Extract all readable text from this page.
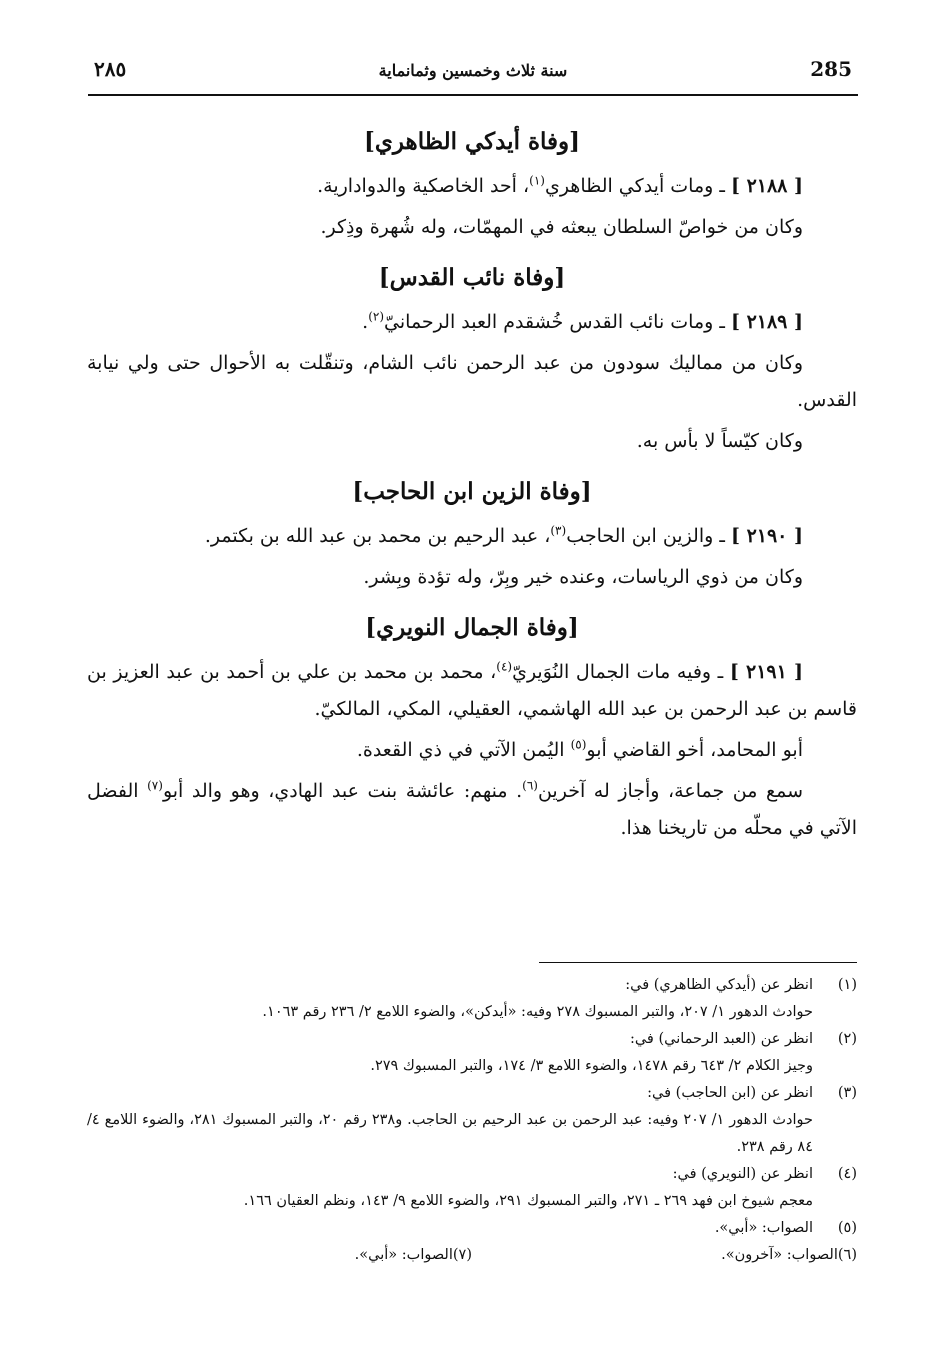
285
سنة ثلاث وخمسين وثمانماية
٢٨٥
[وفاة أيدكي الظاهري]

[ ٢١٨٨ ] ـ ومات أيدكي الظاهري$^{(١)}$، أحد الخاصكية والدوادارية.

وكان من خواصّ السلطان يبعثه في المهمّات، وله شُهرة وذِكر.

[وفاة نائب القدس]

[ ٢١٨٩ ] ـ ومات نائب القدس خُشقدم العبد الرحمانيّ$^{(٢)}$.

وكان من مماليك سودون من عبد الرحمن نائب الشام، وتنقّلت به الأحوال حتى ولي نيابة القدس.

وكان كيّساً لا بأس به.

[وفاة الزين ابن الحاجب]

[ ٢١٩٠ ] ـ والزين ابن الحاجب$^{(٣)}$، عبد الرحيم بن محمد بن عبد الله بن بكتمر.

وكان من ذوي الرياسات، وعنده خير وبِرّ، وله تؤدة وبِشر.

[وفاة الجمال النويري]

[ ٢١٩١ ] ـ وفيه مات الجمال النُوَيريّ$^{(٤)}$، محمد بن محمد بن علي بن أحمد بن عبد العزيز بن قاسم بن عبد الرحمن بن عبد الله الهاشمي، العقيلي، المكي، المالكيّ.

أبو المحامد، أخو القاضي أبو$^{(٥)}$ اليُمن الآتي في ذي القعدة.

سمع من جماعة، وأجاز له آخرين$^{(٦)}$. منهم: عائشة بنت عبد الهادي، وهو والد أبو$^{(٧)}$ الفضل الآتي في محلّه من تاريخنا هذا.

(١)
انظر عن (أيدكي الظاهري) في:
حوادث الدهور ١/ ٢٠٧، والتبر المسبوك ٢٧٨ وفيه: «أيدكن»، والضوء اللامع ٢/ ٢٣٦ رقم ١٠٦٣.
(٢)
انظر عن (العبد الرحماني) في:
وجيز الكلام ٢/ ٦٤٣ رقم ١٤٧٨، والضوء اللامع ٣/ ١٧٤، والتبر المسبوك ٢٧٩.
(٣)
انظر عن (ابن الحاجب) في:
حوادث الدهور ١/ ٢٠٧ وفيه: عبد الرحمن بن عبد الرحيم بن الحاجب. و٢٣٨ رقم ٢٠، والتبر المسبوك ٢٨١، والضوء اللامع ٤/ ٨٤ رقم ٢٣٨.
(٤)
انظر عن (النويري) في:
معجم شيوخ ابن فهد ٢٦٩ ـ ٢٧١، والتبر المسبوك ٢٩١، والضوء اللامع ٩/ ١٤٣، ونظم العقيان ١٦٦.
(٥)
الصواب: «أبي».
(٦)
الصواب: «آخرون».
(٧)
الصواب: «أبي».
